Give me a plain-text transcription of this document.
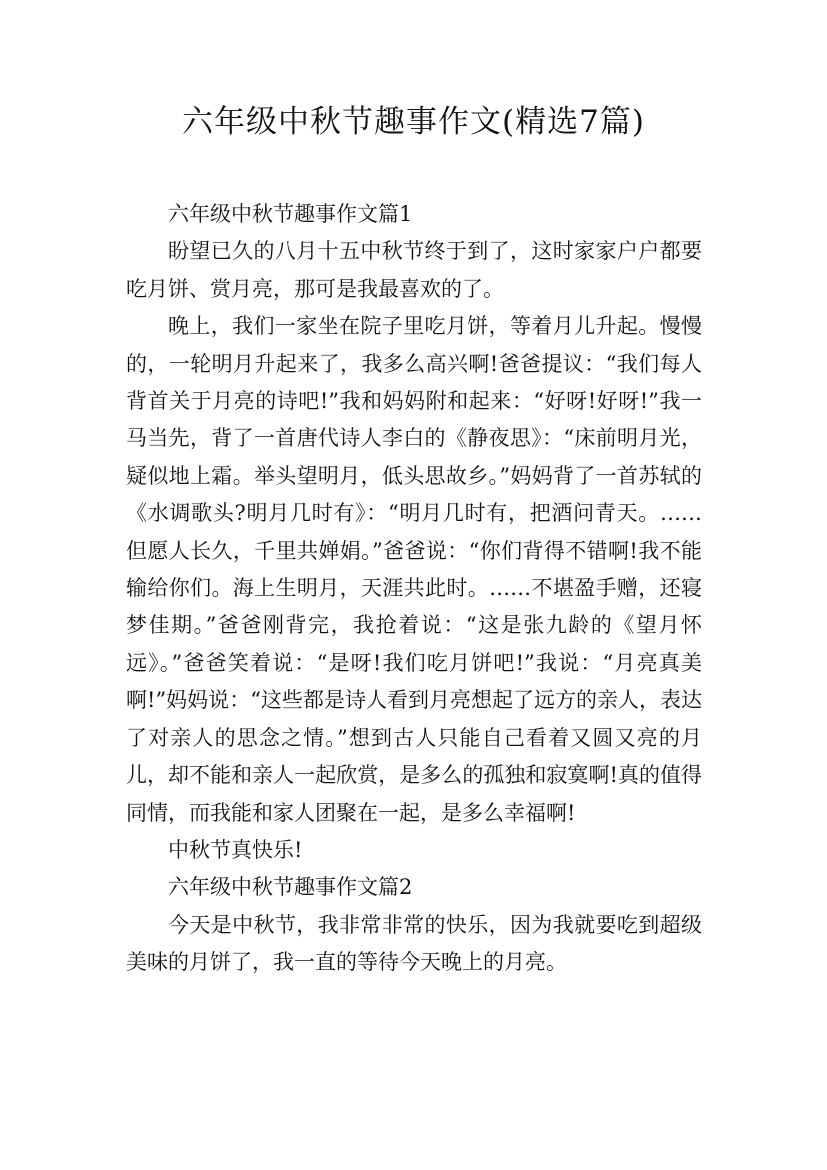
六年级中秋节趣事作文(精选7篇)

六年级中秋节趣事作文篇1

盼望已久的八月十五中秋节终于到了，这时家家户户都要吃月饼、赏月亮，那可是我最喜欢的了。

晚上，我们一家坐在院子里吃月饼，等着月儿升起。慢慢的，一轮明月升起来了，我多么高兴啊!爸爸提议：“我们每人背首关于月亮的诗吧!”我和妈妈附和起来：“好呀!好呀!”我一马当先，背了一首唐代诗人李白的《静夜思》：“床前明月光，疑似地上霜。举头望明月，低头思故乡。”妈妈背了一首苏轼的《水调歌头?明月几时有》：“明月几时有，把酒问青天。……但愿人长久，千里共婵娟。”爸爸说：“你们背得不错啊!我不能输给你们。海上生明月，天涯共此时。……不堪盈手赠，还寝梦佳期。”爸爸刚背完，我抢着说：“这是张九龄的《望月怀远》。”爸爸笑着说：“是呀!我们吃月饼吧!”我说：“月亮真美啊!”妈妈说：“这些都是诗人看到月亮想起了远方的亲人，表达了对亲人的思念之情。”想到古人只能自己看着又圆又亮的月儿，却不能和亲人一起欣赏，是多么的孤独和寂寞啊!真的值得同情，而我能和家人团聚在一起，是多么幸福啊!

中秋节真快乐!

六年级中秋节趣事作文篇2

今天是中秋节，我非常非常的快乐，因为我就要吃到超级美味的月饼了，我一直的等待今天晚上的月亮。
